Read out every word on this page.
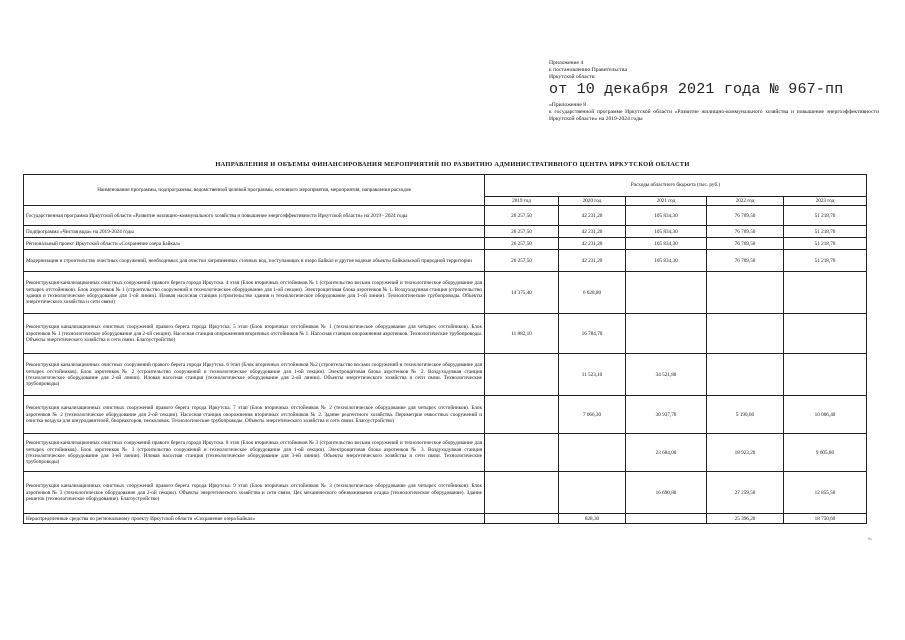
Приложение 4
к постановлению Правительства
Иркутской области
от 10 декабря 2021 года № 967-пп
«Приложение 8
к государственной программе Иркутской области «Развитие жилищно-коммунального хозяйства и повышение энергоэффективности Иркутской области» на 2019-2024 годы
НАПРАВЛЕНИЯ И ОБЪЕМЫ ФИНАНСИРОВАНИЯ МЕРОПРИЯТИЙ ПО РАЗВИТИЮ АДМИНИСТРАТИВНОГО ЦЕНТРА ИРКУТСКОЙ ОБЛАСТИ
Наименование программы, подпрограммы, ведомственной целевой программы, основного мероприятия, мероприятия, направления расходов	Расходы областного бюджета (тыс. руб.)				
	2019 год	2020 год	2021 год	2022 год	2023 год
Государственная программа Иркутской области «Развитие жилищно-коммунального хозяйства и повышение энергоэффективности Иркутской области» на 2019 - 2024 годы	26 257,50	42 231,20	105 834,30	76 769,50	51 218,70
Подпрограмма «Чистая вода» на 2019-2024 годы	26 257,50	42 231,20	105 834,30	76 769,50	51 218,70
Региональный проект Иркутской области «Сохранение озера Байкал»	26 257,50	42 231,20	105 834,30	76 769,50	51 218,70
Модернизация и строительство очистных сооружений, необходимых для очистки загрязненных сточных вод, поступающих в озеро Байкал и другие водные объекты Байкальской природной территории	26 257,50	42 231,20	105 834,30	76 769,50	51 218,70
Реконструкция канализационных очистных сооружений правого берега города Иркутска. 4 этап (Блок вторичных отстойников № 1 (строительство восьми сооружений и технологическое оборудование для четырех отстойников). Блок аэротенков № 1 (строительство сооружений и технологическое оборудование для 1-ой секции). Электрощитовая блока аэротенков № 1. Воздуходувная станция (строительство здания и технологическое оборудование для 1-ой линии). Иловая насосная станция (строительство здания и технологическое оборудование для 1-ой линии). Технологические трубопроводы. Объекты энергетического хозяйства и сети связи)	14 375,40	6 028,80			
Реконструкция канализационных очистных сооружений правого берега города Иркутска. 5 этап (Блок вторичных отстойников № 1 (технологическое оборудование для четырех отстойников). Блок аэротенков № 1 (технологическое оборудование для 2-ой секции). Насосная станция опорожнения вторичных отстойников № 1. Насосная станция опорожнения аэротенков. Технологические трубопроводы. Объекты энергетического хозяйства и сети связи. Благоустройство)	11 882,10	16 784,70			
Реконструкция канализационных очистных сооружений правого берега города Иркутска. 6 этап (Блок вторичных отстойников №2 (строительство восьми сооружений и технологическое оборудование для четырех отстойников). Блок аэротенков № 2 (строительство сооружений и технологическое оборудование для 1-ой секции). Электрощитовая блока аэротенков № 2. Воздуходувная станция (технологическое оборудование для 2-ой линии). Иловая насосная станция (технологическое оборудование для 2-ой линии). Объекты энергетического хозяйства и сети связи. Технологические трубопроводы)		11 523,10	34 521,80		
Реконструкция канализационных очистных сооружений правого берега города Иркутска. 7 этап (Блок вторичных отстойников № 2 (технологическое оборудование для четырех отстойников). Блок аэротенков № 2 (технологическое оборудование для 2-ой секции). Насосная станция опорожнения вторичных отстойников № 2. Здание реагентного хозяйства. Периметрие емкостных сооружений и очистка воздуха для шнуродавителей, биореакторов, песколовок. Технологические трубопроводы. Объекты энергетического хозяйства и сети связи. Благоустройство)		7 066,30	30 937,70	5 190,60	10 006,40
Реконструкция канализационных очистных сооружений правого берега города Иркутска. 8 этап (Блок вторичных отстойников № 3 (строительство восьми сооружений и технологическое оборудование для четырех отстойников). Блок аэротенков № 3 (строительство сооружений и технологическое оборудование для 1-ой секции). Электрощитовая блока аэротенков № 3. Воздуходувная станция (технологическое оборудование для 3-ей линии). Иловая насосная станция (технологическое оборудование для 3-ей линии). Объекты энергетического хозяйства и сети связи. Технологические трубопроводы)			23 684,00	18 923,20	9 605,80
Реконструкция канализационных очистных сооружений правого берега города Иркутска. 9 этап (Блок вторичных отстойников № 3 (технологическое оборудование для четырех отстойников). Блок аэротенков № 3 (технологическое оборудование для 2-ой секции). Объекты энергетического хозяйства и сети связи. Цех механического обезвоживания осадка (технологическое оборудование). Здание решеток (технологическое оборудование). Благоустройство)			16 690,80	27 259,50	12 855,50
Нераспределенные средства по региональному проекту Иркутской области «Сохранение озера Байкал»		828,30		25 396,20	18 750,60
».
